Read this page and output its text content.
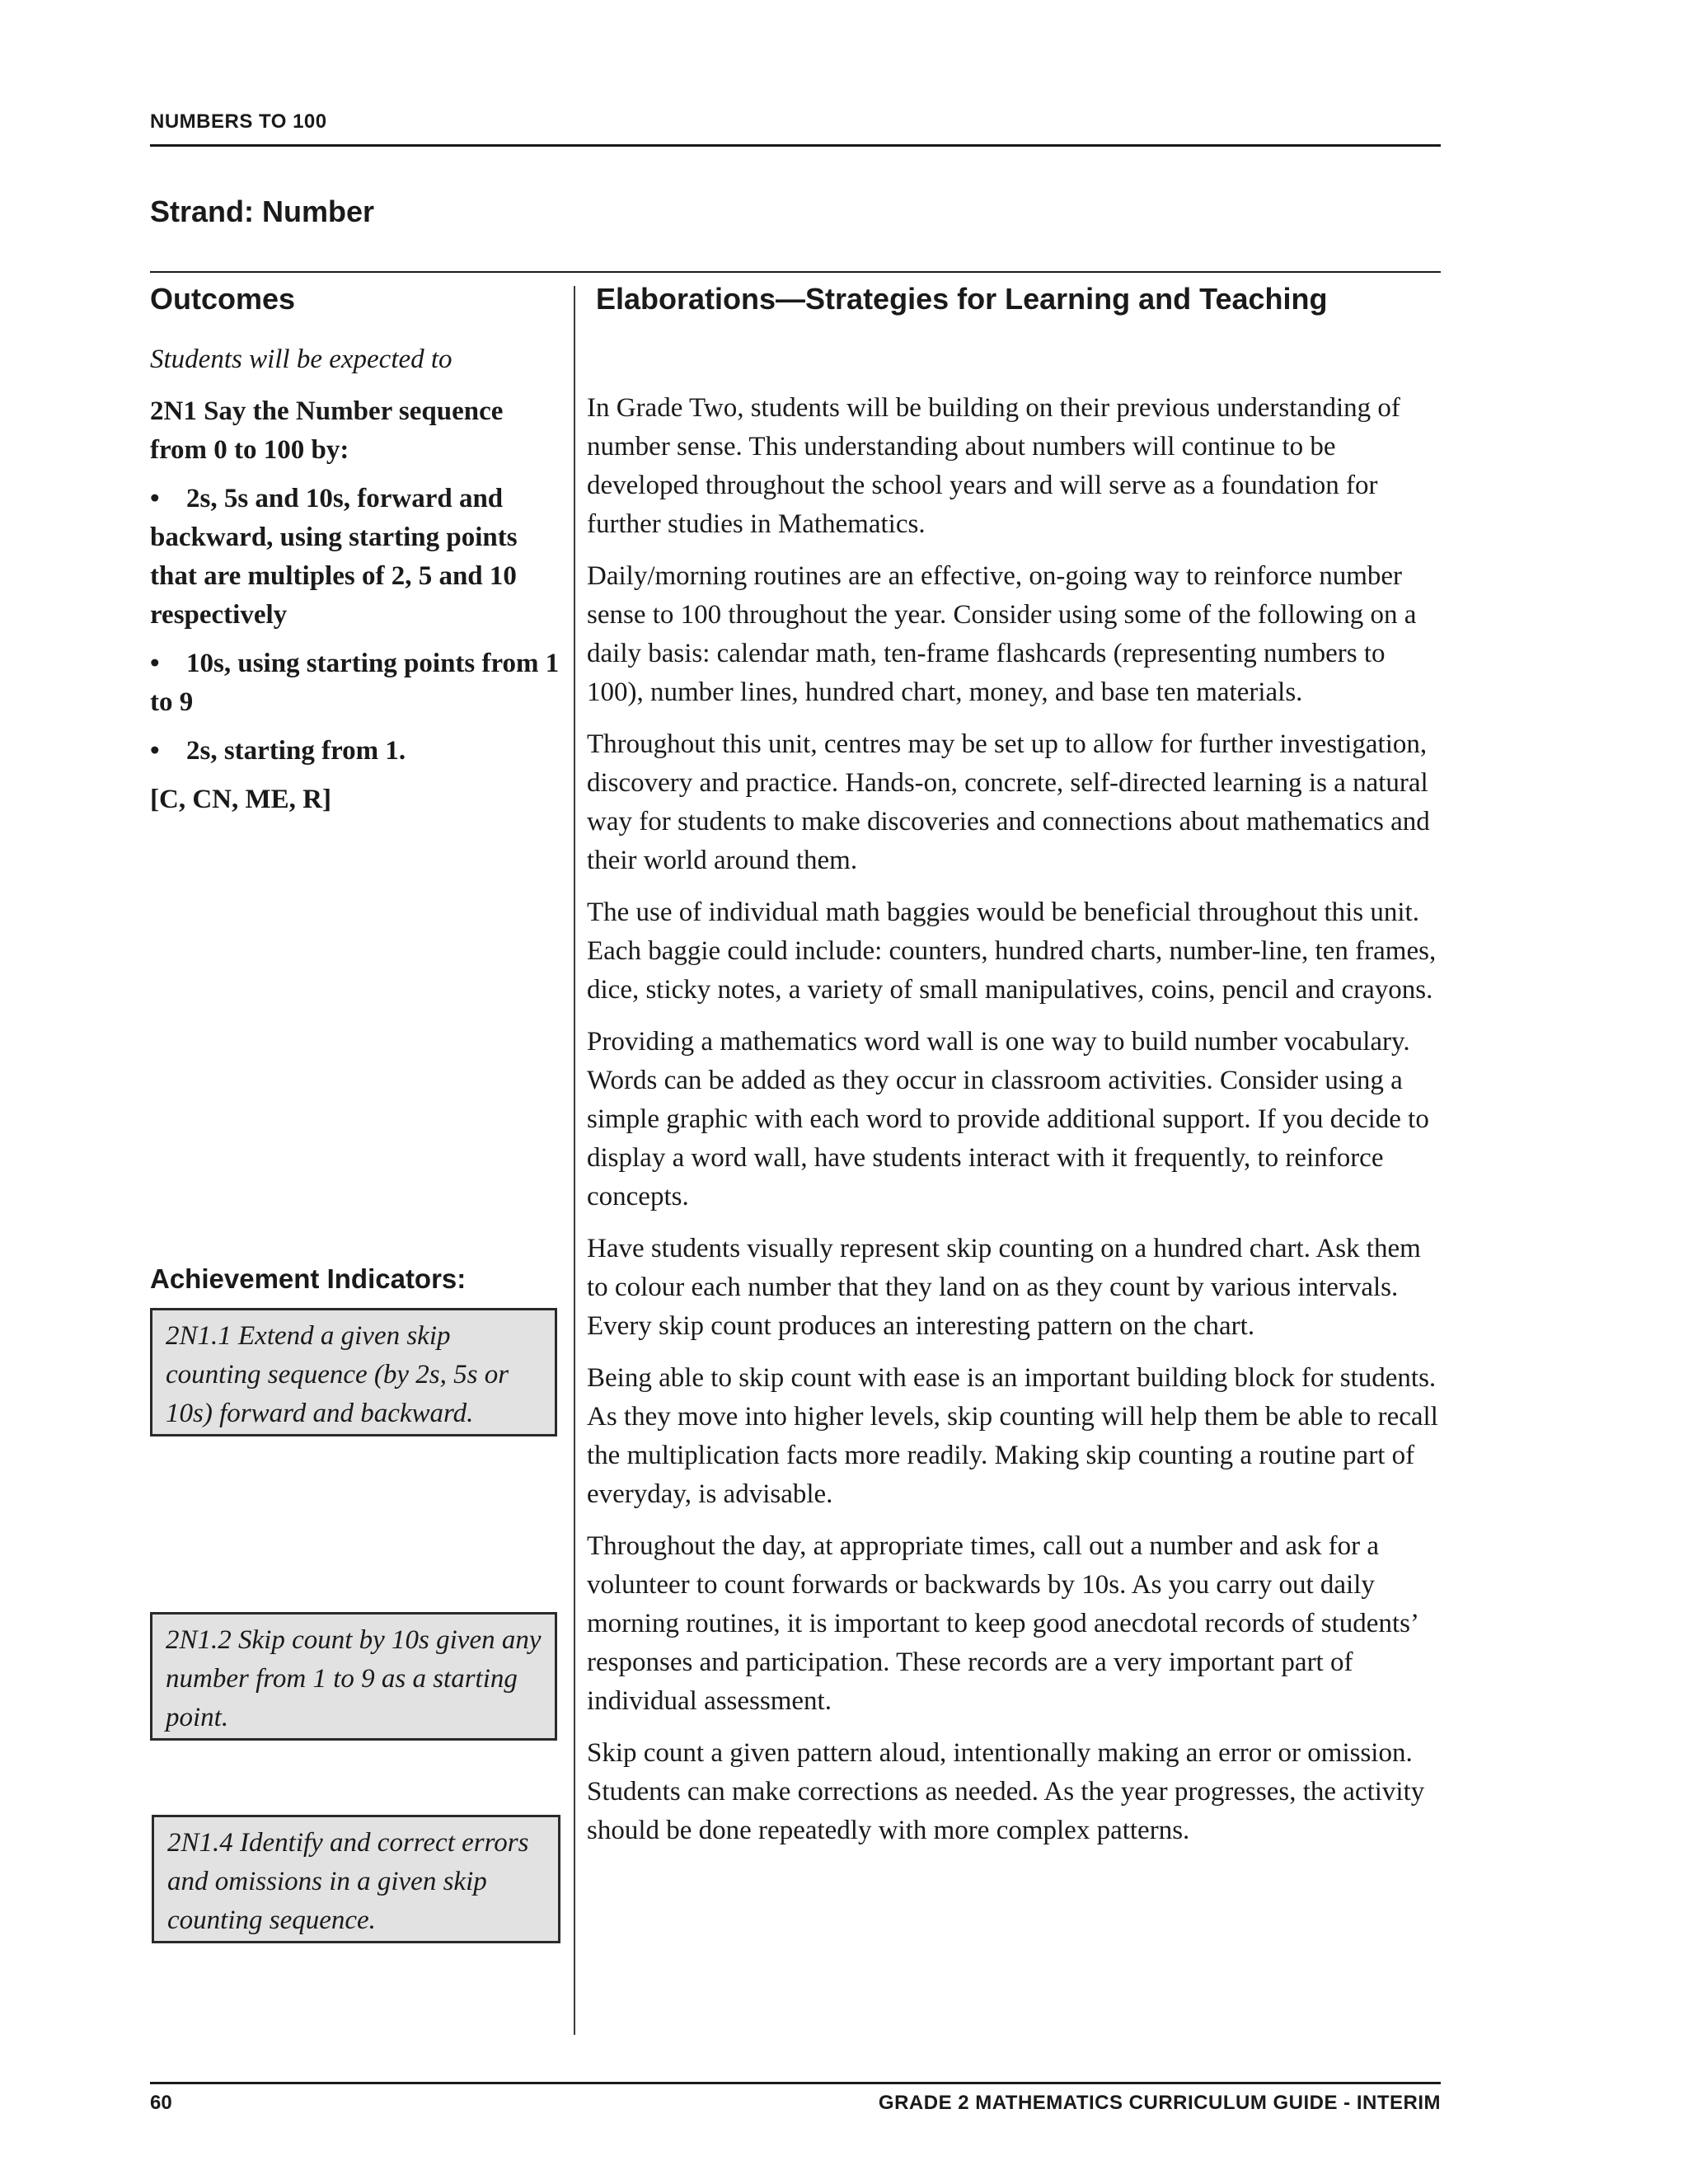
NUMBERS TO 100
Strand: Number
Outcomes	Elaborations—Strategies for Learning and Teaching

Students will be expected to

2N1 Say the Number sequence from 0 to 100 by:

• 2s, 5s and 10s, forward and backward, using starting points that are multiples of 2, 5 and 10 respectively

• 10s, using starting points from 1 to 9

• 2s, starting from 1.

[C, CN, ME, R]

Achievement Indicators:
2N1.1 Extend a given skip counting sequence (by 2s, 5s or 10s) forward and backward.
2N1.2 Skip count by 10s given any number from 1 to 9 as a starting point.
2N1.4 Identify and correct errors and omissions in a given skip counting sequence.

In Grade Two, students will be building on their previous understanding of number sense. This understanding about numbers will continue to be developed throughout the school years and will serve as a foundation for further studies in Mathematics.

Daily/morning routines are an effective, on-going way to reinforce number sense to 100 throughout the year. Consider using some of the following on a daily basis: calendar math, ten-frame flashcards (representing numbers to 100), number lines, hundred chart, money, and base ten materials.

Throughout this unit, centres may be set up to allow for further investigation, discovery and practice. Hands-on, concrete, self-directed learning is a natural way for students to make discoveries and connections about mathematics and their world around them.

The use of individual math baggies would be beneficial throughout this unit. Each baggie could include: counters, hundred charts, number-line, ten frames, dice, sticky notes, a variety of small manipulatives, coins, pencil and crayons.

Providing a mathematics word wall is one way to build number vocabulary. Words can be added as they occur in classroom activities. Consider using a simple graphic with each word to provide additional support. If you decide to display a word wall, have students interact with it frequently, to reinforce concepts.

Have students visually represent skip counting on a hundred chart. Ask them to colour each number that they land on as they count by various intervals. Every skip count produces an interesting pattern on the chart.

Being able to skip count with ease is an important building block for students. As they move into higher levels, skip counting will help them be able to recall the multiplication facts more readily. Making skip counting a routine part of everyday, is advisable.

Throughout the day, at appropriate times, call out a number and ask for a volunteer to count forwards or backwards by 10s. As you carry out daily morning routines, it is important to keep good anecdotal records of students’ responses and participation. These records are a very important part of individual assessment.

Skip count a given pattern aloud, intentionally making an error or omission. Students can make corrections as needed. As the year progresses, the activity should be done repeatedly with more complex patterns.

60	GRADE 2 MATHEMATICS CURRICULUM GUIDE - INTERIM
